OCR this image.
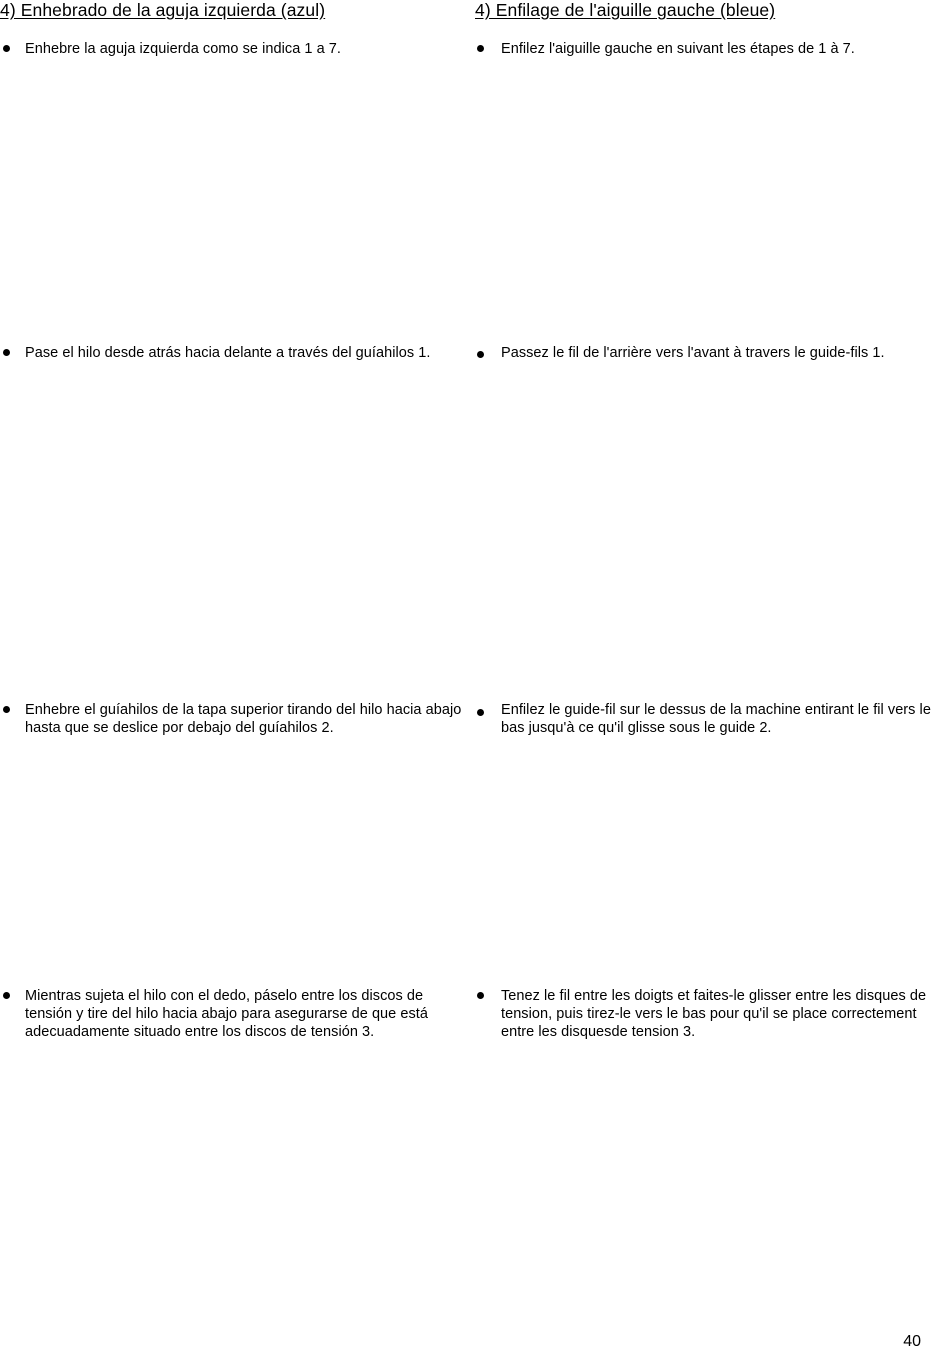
4) Enhebrado de la aguja izquierda (azul)

Enhebre la aguja izquierda como se indica 1 a 7.

Pase el hilo desde atrás hacia delante a través del guíahilos 1.

Enhebre el guíahilos de la tapa superior tirando del hilo hacia abajo hasta que se deslice por debajo del guíahilos 2.

Mientras sujeta el hilo con el dedo, páselo entre los discos de tensión y tire del hilo hacia abajo para asegurarse de que está adecuadamente situado entre los discos de tensión 3.

4) Enfilage de l'aiguille gauche (bleue)

Enfilez l'aiguille gauche en suivant les étapes de 1 à 7.

Passez le fil de l'arrière vers l'avant à travers le guide-fils 1.

Enfilez le guide-fil sur le dessus de la machine entirant le fil vers le bas jusqu'à ce qu'il glisse sous le guide 2.

Tenez le fil entre les doigts et faites-le glisser entre les disques de tension, puis tirez-le vers le bas pour qu'il se place correctement entre les disquesde tension 3.

40
